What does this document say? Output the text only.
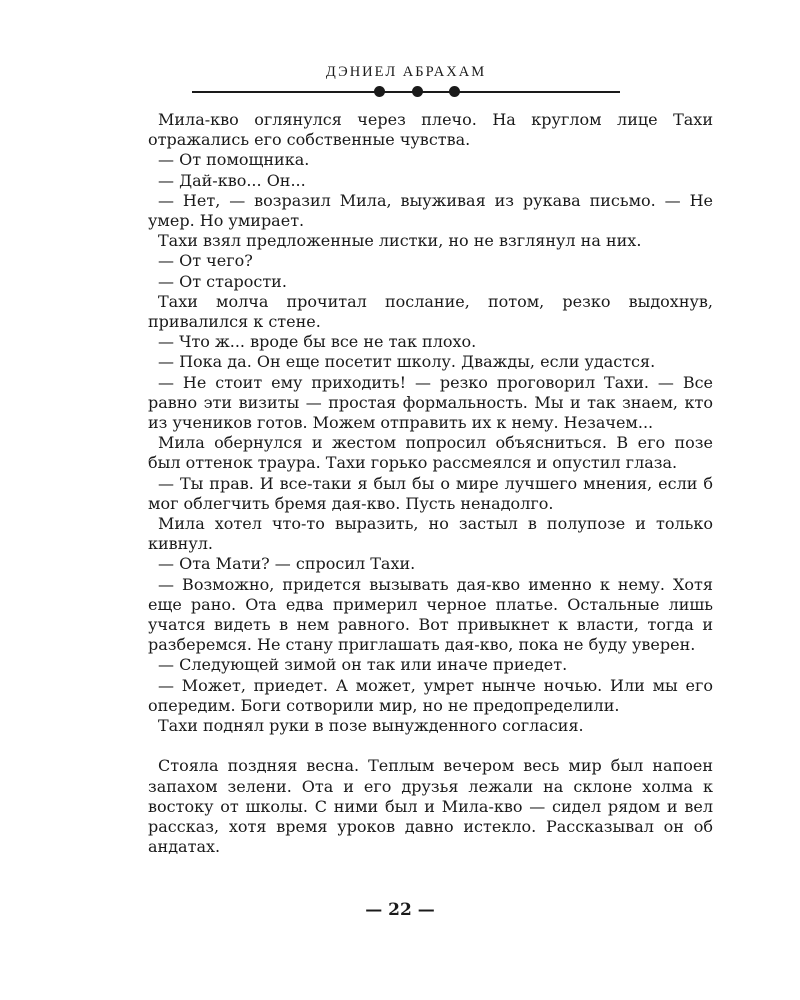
ДЭНИЕЛ АБРАХАМ

Мила-кво оглянулся через плечо. На круглом лице Тахи отражались его собственные чувства.

— От помощника.

— Дай-кво... Он...

— Нет, — возразил Мила, выуживая из рукава письмо. — Не умер. Но умирает.

Тахи взял предложенные листки, но не взглянул на них.

— От чего?

— От старости.

Тахи молча прочитал послание, потом, резко выдохнув, привалился к стене.

— Что ж... вроде бы все не так плохо.

— Пока да. Он еще посетит школу. Дважды, если удастся.

— Не стоит ему приходить! — резко проговорил Тахи. — Все равно эти визиты — простая формальность. Мы и так знаем, кто из учеников готов. Можем отправить их к нему. Незачем...

Мила обернулся и жестом попросил объясниться. В его позе был оттенок траура. Тахи горько рассмеялся и опустил глаза.

— Ты прав. И все-таки я был бы о мире лучшего мнения, если б мог облегчить бремя дая-кво. Пусть ненадолго.

Мила хотел что-то выразить, но застыл в полупозе и только кивнул.

— Ота Мати? — спросил Тахи.

— Возможно, придется вызывать дая-кво именно к нему. Хотя еще рано. Ота едва примерил черное платье. Остальные лишь учатся видеть в нем равного. Вот привыкнет к власти, тогда и разберемся. Не стану приглашать дая-кво, пока не буду уверен.

— Следующей зимой он так или иначе приедет.

— Может, приедет. А может, умрет нынче ночью. Или мы его опередим. Боги сотворили мир, но не предопределили.

Тахи поднял руки в позе вынужденного согласия.

Стояла поздняя весна. Теплым вечером весь мир был напоен запахом зелени. Ота и его друзья лежали на склоне холма к востоку от школы. С ними был и Мила-кво — сидел рядом и вел рассказ, хотя время уроков давно истекло. Рассказывал он об андатах.

— 22 —
